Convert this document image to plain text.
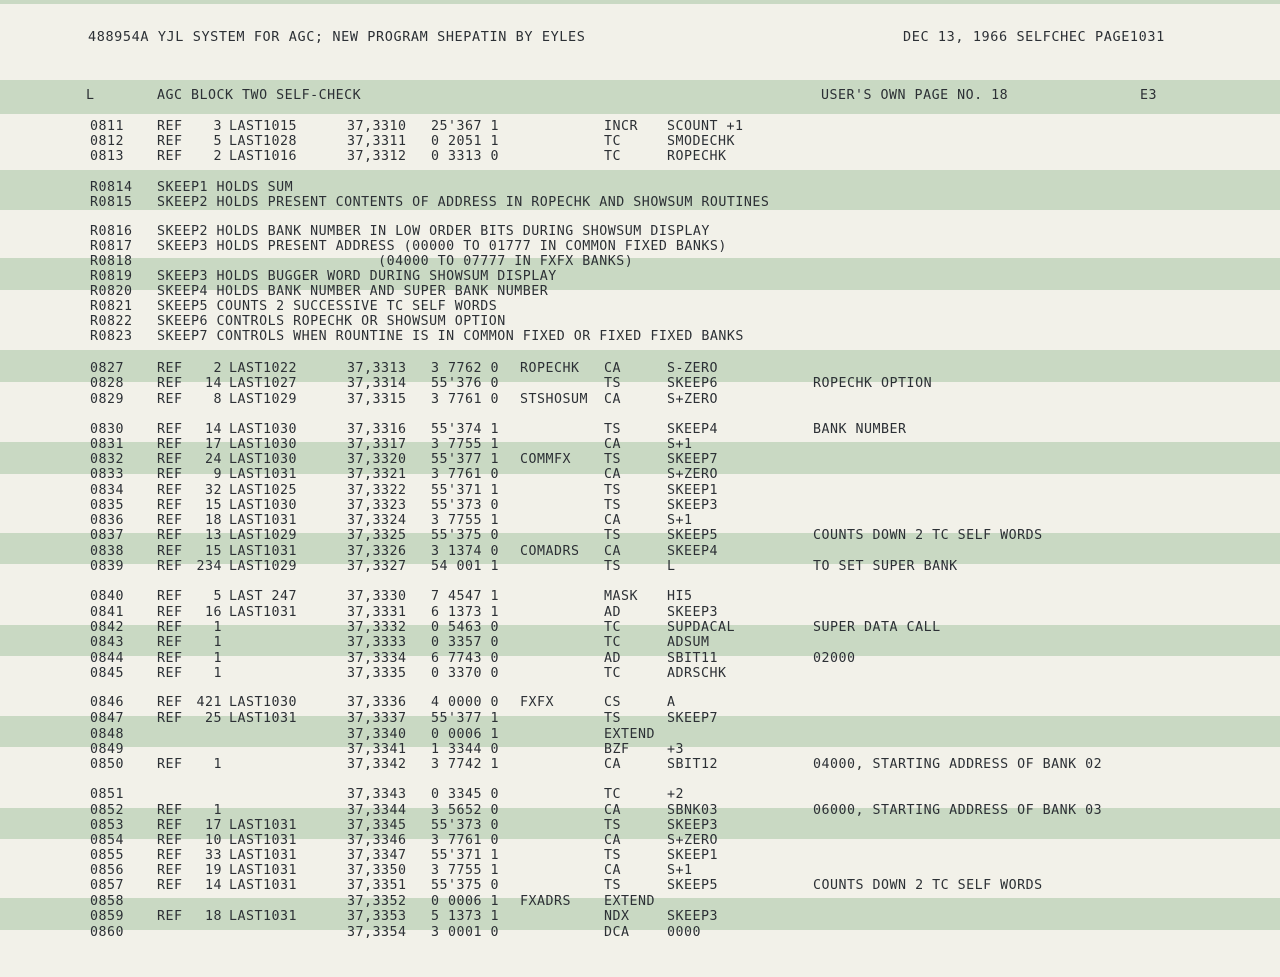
488954A YJL SYSTEM FOR AGC; NEW PROGRAM SHEPATIN BY EYLES	DEC 13, 1966 SELFCHEC PAGE1031
L	AGC BLOCK TWO SELF-CHECK	USER'S OWN PAGE NO. 18	E3
0811 REF	3 LAST1015	37,3310 25'367 1	INCR SCOUNT +1
0812 REF	5 LAST1028	37,3311 0 2051 1	TC	SMODECHK
0813 REF	2 LAST1016	37,3312 0 3313 0	TC	ROPECHK
R0814 SKEEP1 HOLDS SUM
R0815 SKEEP2 HOLDS PRESENT CONTENTS OF ADDRESS IN ROPECHK AND SHOWSUM ROUTINES
R0816 SKEEP2 HOLDS BANK NUMBER IN LOW ORDER BITS DURING SHOWSUM DISPLAY
R0817 SKEEP3 HOLDS PRESENT ADDRESS (00000 TO 01777 IN COMMON FIXED BANKS)
R0818 (04000 TO 07777 IN FXFX BANKS)
R0819 SKEEP3 HOLDS BUGGER WORD DURING SHOWSUM DISPLAY
R0820 SKEEP4 HOLDS BANK NUMBER AND SUPER BANK NUMBER
R0821 SKEEP5 COUNTS 2 SUCCESSIVE TC SELF WORDS
R0822 SKEEP6 CONTROLS ROPECHK OR SHOWSUM OPTION
R0823 SKEEP7 CONTROLS WHEN ROUNTINE IS IN COMMON FIXED OR FIXED FIXED BANKS
0827 REF	2 LAST1022	37,3313 3 7762 0 ROPECHK CA	S-ZERO
0828 REF	14 LAST1027	37,3314 55'376 0	TS	SKEEP6	ROPECHK OPTION
0829 REF	8 LAST1029	37,3315 3 7761 0 STSHOSUM CA	S+ZERO
0830 REF	14 LAST1030	37,3316 55'374 1	TS	SKEEP4	BANK NUMBER
0831 REF	17 LAST1030	37,3317 3 7755 1	CA	S+1
0832 REF	24 LAST1030	37,3320 55'377 1 COMMFX TS	SKEEP7
0833 REF	9 LAST1031	37,3321 3 7761 0	CA	S+ZERO
0834 REF	32 LAST1025	37,3322 55'371 1	TS	SKEEP1
0835 REF	15 LAST1030	37,3323 55'373 0	TS	SKEEP3
0836 REF	18 LAST1031	37,3324 3 7755 1	CA	S+1
0837 REF	13 LAST1029	37,3325 55'375 0	TS	SKEEP5	COUNTS DOWN 2 TC SELF WORDS
0838 REF	15 LAST1031	37,3326 3 1374 0 COMADRS CA	SKEEP4
0839 REF	234 LAST1029	37,3327 54 001 1	TS	L	TO SET SUPER BANK
0840 REF	5 LAST 247	37,3330 7 4547 1	MASK HI5
0841 REF	16 LAST1031	37,3331 6 1373 1	AD	SKEEP3
0842 REF	1	37,3332 0 5463 0	TC	SUPDACAL	SUPER DATA CALL
0843 REF	1	37,3333 0 3357 0	TC	ADSUM
0844 REF	1	37,3334 6 7743 0	AD	SBIT11	02000
0845 REF	1	37,3335 0 3370 0	TC	ADRSCHK
0846 REF	421 LAST1030	37,3336 4 0000 0 FXFX	CS	A
0847 REF	25 LAST1031	37,3337 55'377 1	TS	SKEEP7
0848	37,3340 0 0006 1	EXTEND
0849	37,3341 1 3344 0	BZF	+3
0850 REF	1	37,3342 3 7742 1	CA	SBIT12	04000, STARTING ADDRESS OF BANK 02
0851	37,3343 0 3345 0	TC	+2
0852 REF	1	37,3344 3 5652 0	CA	SBNK03	06000, STARTING ADDRESS OF BANK 03
0853 REF	17 LAST1031	37,3345 55'373 0	TS	SKEEP3
0854 REF	10 LAST1031	37,3346 3 7761 0	CA	S+ZERO
0855 REF	33 LAST1031	37,3347 55'371 1	TS	SKEEP1
0856 REF	19 LAST1031	37,3350 3 7755 1	CA	S+1
0857 REF	14 LAST1031	37,3351 55'375 0	TS	SKEEP5	COUNTS DOWN 2 TC SELF WORDS
0858	37,3352 0 0006 1 FXADRS EXTEND
0859 REF	18 LAST1031	37,3353 5 1373 1	NDX	SKEEP3
0860	37,3354 3 0001 0	DCA	0000
